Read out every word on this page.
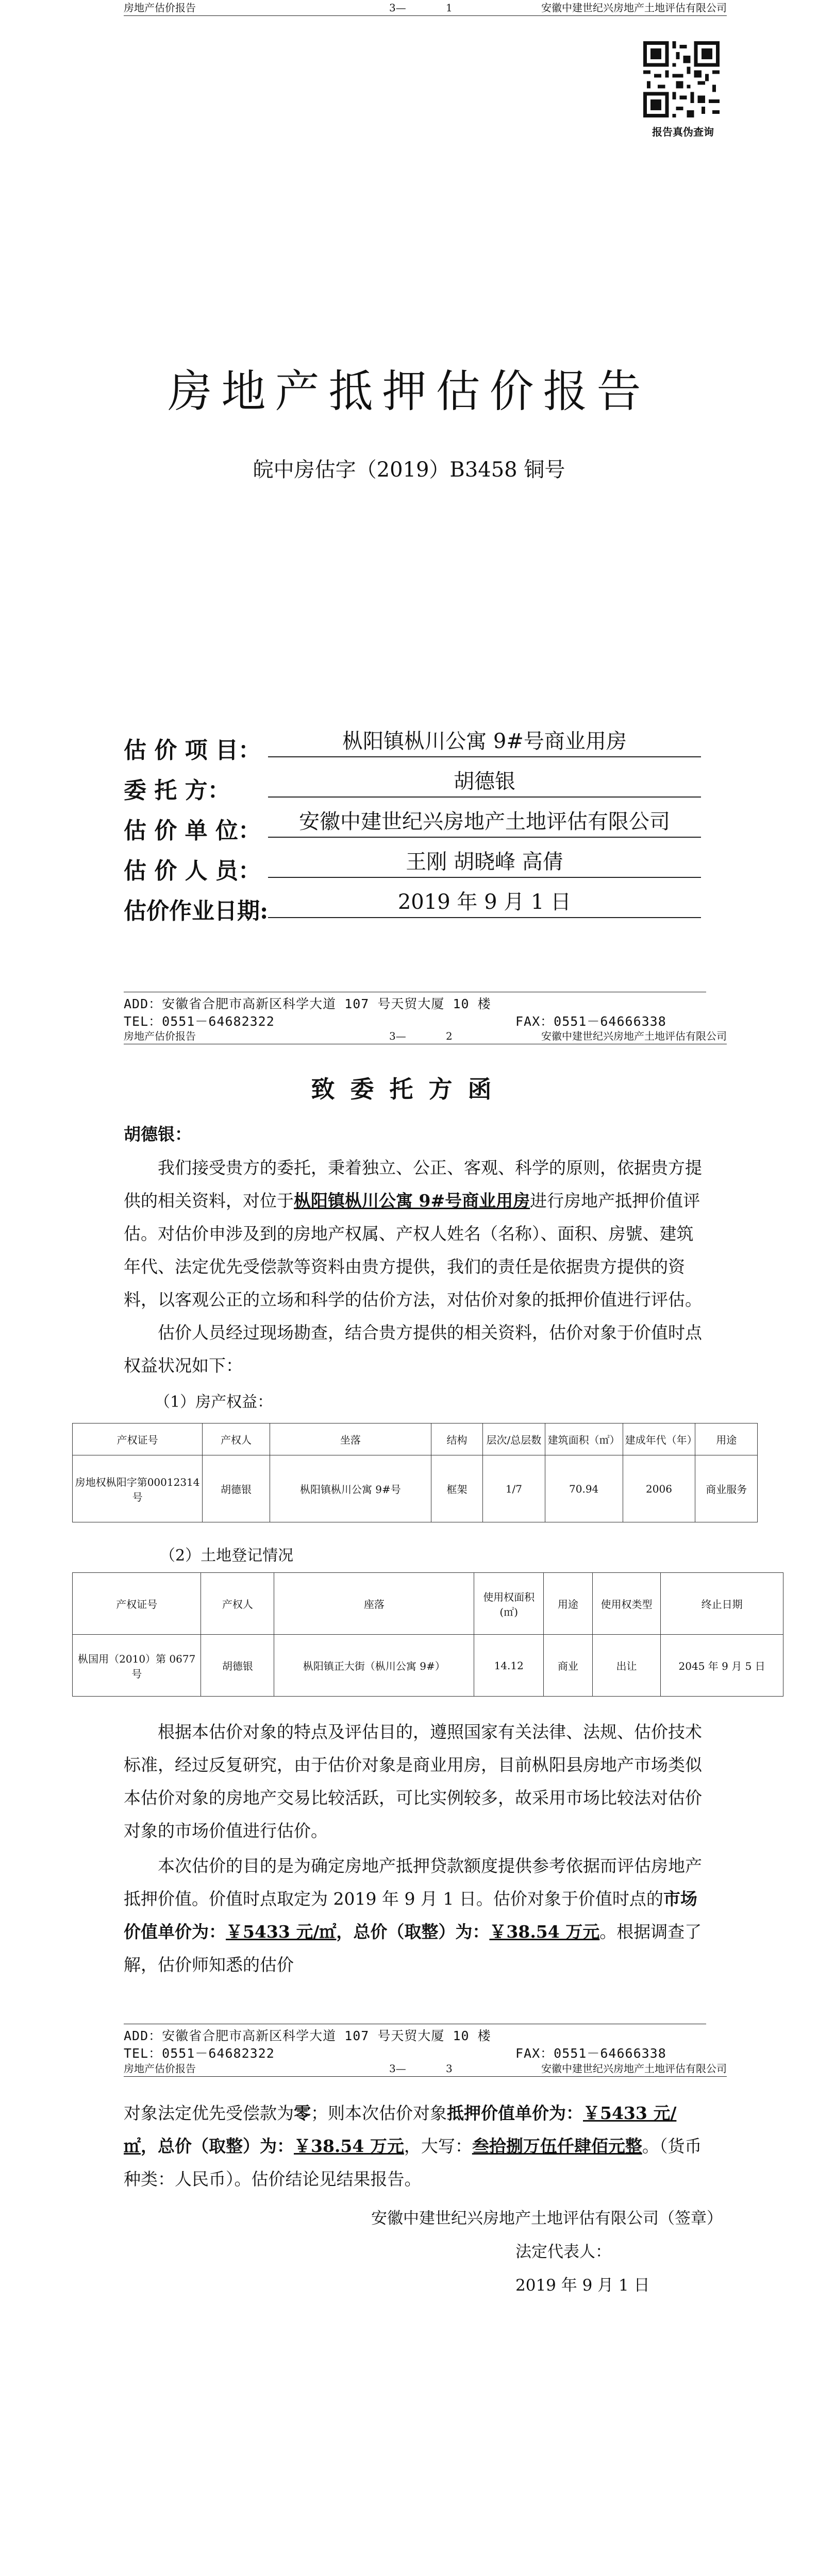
房地产估价报告	3—	1	安徽中建世纪兴房地产土地评估有限公司
报告真伪查询
房地产抵押估价报告
皖中房估字（2019）B3458 铜号
估 价 项 目：	枞阳镇枞川公寓 9#号商业用房
委 托 方：	胡德银
估 价 单 位：	安徽中建世纪兴房地产土地评估有限公司
估 价 人 员：	王刚 胡晓峰 高倩
估价作业日期:	2019 年 9 月 1 日
ADD：安徽省合肥市高新区科学大道 107 号天贸大厦 10 楼
TEL：0551－64682322	FAX：0551－64666338
房地产估价报告	3—	2	安徽中建世纪兴房地产土地评估有限公司
致委托方函
胡德银：
我们接受贵方的委托，秉着独立、公正、客观、科学的原则，依据贵方提供的相关资料，对位于枞阳镇枞川公寓 9#号商业用房进行房地产抵押价值评估。对估价申涉及到的房地产权属、产权人姓名（名称）、面积、房號、建筑年代、法定优先受偿款等资料由贵方提供，我们的责任是依据贵方提供的资料，以客观公正的立场和科学的估价方法，对估价对象的抵押价值进行评估。
估价人员经过现场勘查，结合贵方提供的相关资料，估价对象于价值时点权益状况如下：
（1）房产权益：
产权证号	产权人	坐落	结构	层次/总层数	建筑面积（㎡）	建成年代（年）	用途
房地权枞阳字第00012314号	胡德银	枞阳镇枞川公寓 9#号	框架	1/7	70.94	2006	商业服务
（2）土地登记情况
产权证号	产权人	座落	使用权面积(㎡)	用途	使用权类型	终止日期
枞国用（2010）第 0677 号	胡德银	枞阳镇正大街（枞川公寓 9#）	14.12	商业	出让	2045 年 9 月 5 日
根据本估价对象的特点及评估目的，遵照国家有关法律、法规、估价技术标准，经过反复研究，由于估价对象是商业用房，目前枞阳县房地产市场类似本估价对象的房地产交易比较活跃，可比实例较多，故采用市场比较法对估价对象的市场价值进行估价。
本次估价的目的是为确定房地产抵押贷款额度提供参考依据而评估房地产抵押价值。价值时点取定为 2019 年 9 月 1 日。估价对象于价值时点的市场价值单价为：￥5433 元/㎡，总价（取整）为：￥38.54 万元。根据调查了解，估价师知悉的估价
ADD：安徽省合肥市高新区科学大道 107 号天贸大厦 10 楼
TEL：0551－64682322	FAX：0551－64666338
房地产估价报告	3—	3	安徽中建世纪兴房地产土地评估有限公司
对象法定优先受偿款为零；则本次估价对象抵押价值单价为：￥5433 元/㎡，总价（取整）为：￥38.54 万元，大写：叁拾捌万伍仟肆佰元整。（货币种类：人民币）。估价结论见结果报告。
安徽中建世纪兴房地产土地评估有限公司（签章）
法定代表人：
2019 年 9 月 1 日
